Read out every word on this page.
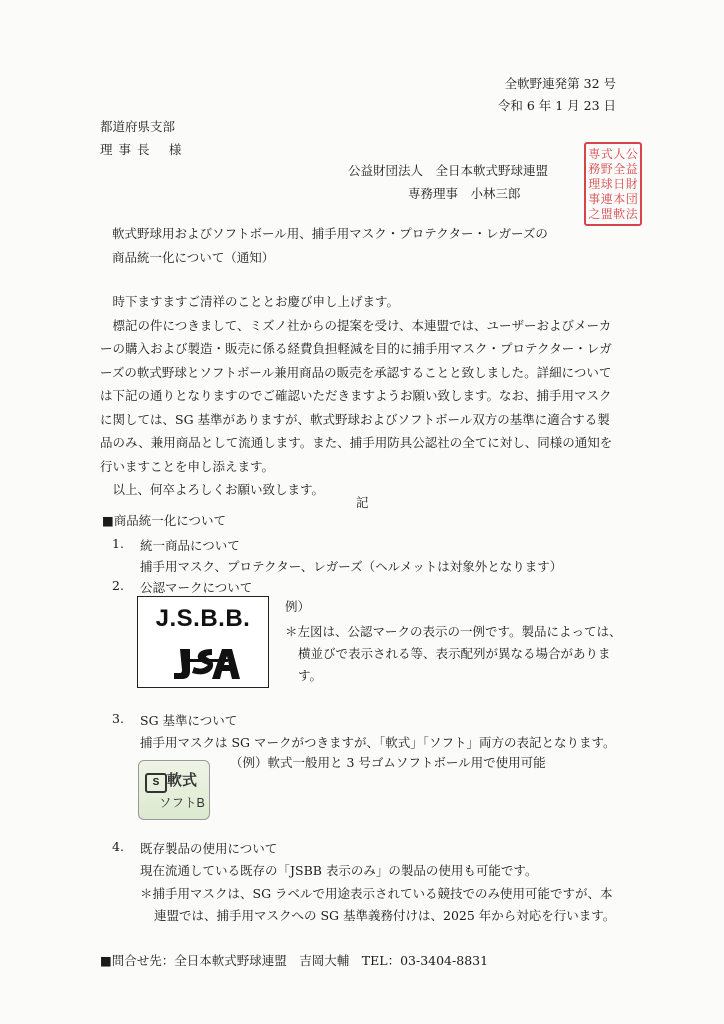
全軟野連発第 32 号
令和 6 年 1 月 23 日
都道府県支部
理 事 長　 様
公益財団法人　全日本軟式野球連盟
専務理事　小林三郎
専 式 人 公
務 野 全 益
理 球 日 財
事 連 本 団
之 盟 軟 法
軟式野球用およびソフトボール用、捕手用マスク・プロテクター・レガーズの
商品統一化について（通知）

　時下ますますご清祥のこととお慶び申し上げます。

　標記の件につきまして、ミズノ社からの提案を受け、本連盟では、ユーザーおよびメーカーの購入および製造・販売に係る経費負担軽減を目的に捕手用マスク・プロテクター・レガーズの軟式野球とソフトボール兼用商品の販売を承認することと致しました。詳細については下記の通りとなりますのでご確認いただきますようお願い致します。なお、捕手用マスクに関しては、SG 基準がありますが、軟式野球およびソフトボール双方の基準に適合する製品のみ、兼用商品として流通します。また、捕手用防具公認社の全てに対し、同様の通知を行いますことを申し添えます。

　以上、何卒よろしくお願い致します。

記
■商品統一化について
1. 統一商品について
捕手用マスク、プロテクター、レガーズ（ヘルメットは対象外となります）
2. 公認マークについて
J.S.B.B.	例）
＊左図は、公認マークの表示の一例です。製品によっては、
横並びで表示される等、表示配列が異なる場合がありま
す。
3. SG 基準について
捕手用マスクは SG マークがつきますが、「軟式」「ソフト」両方の表記となります。
S 軟式
ソフトB
（例）軟式一般用と 3 号ゴムソフトボール用で使用可能
4. 既存製品の使用について
現在流通している既存の「JSBB 表示のみ」の製品の使用も可能です。
＊捕手用マスクは、SG ラベルで用途表示されている競技でのみ使用可能ですが、本
連盟では、捕手用マスクへの SG 基準義務付けは、2025 年から対応を行います。
■問合せ先：全日本軟式野球連盟　吉岡大輔　TEL：03-3404-8831
